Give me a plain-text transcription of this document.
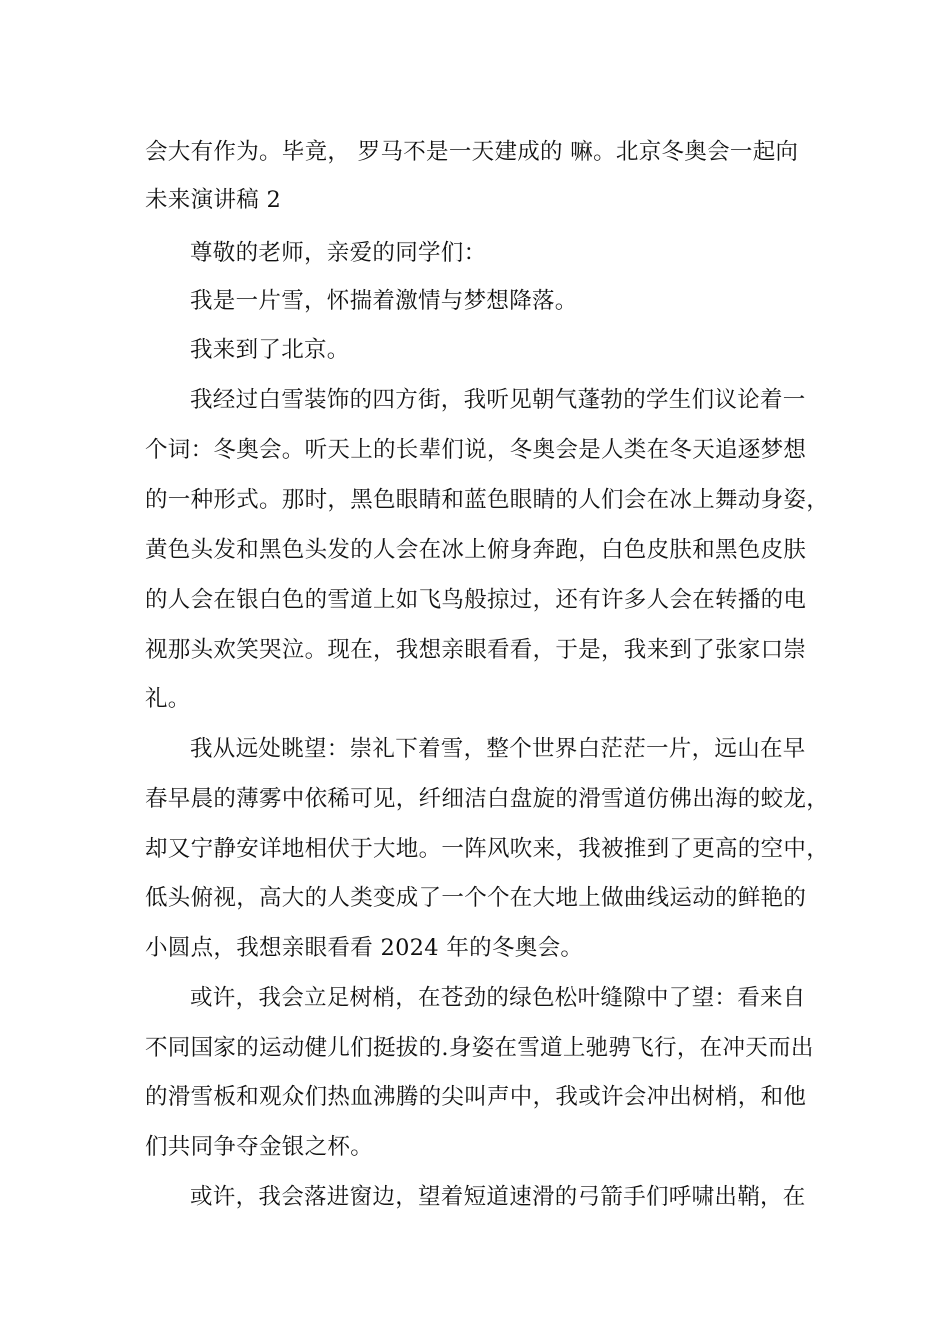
会大有作为。毕竟， 罗马不是一天建成的 嘛。北京冬奥会一起向
未来演讲稿 2
尊敬的老师，亲爱的同学们：
我是一片雪，怀揣着激情与梦想降落。
我来到了北京。
我经过白雪装饰的四方街，我听见朝气蓬勃的学生们议论着一
个词：冬奥会。听天上的长辈们说，冬奥会是人类在冬天追逐梦想
的一种形式。那时，黑色眼睛和蓝色眼睛的人们会在冰上舞动身姿，
黄色头发和黑色头发的人会在冰上俯身奔跑，白色皮肤和黑色皮肤
的人会在银白色的雪道上如飞鸟般掠过，还有许多人会在转播的电
视那头欢笑哭泣。现在，我想亲眼看看，于是，我来到了张家口崇
礼。
我从远处眺望：崇礼下着雪，整个世界白茫茫一片，远山在早
春早晨的薄雾中依稀可见，纤细洁白盘旋的滑雪道仿佛出海的蛟龙，
却又宁静安详地相伏于大地。一阵风吹来，我被推到了更高的空中，
低头俯视，高大的人类变成了一个个在大地上做曲线运动的鲜艳的
小圆点，我想亲眼看看 2024 年的冬奥会。
或许，我会立足树梢，在苍劲的绿色松叶缝隙中了望：看来自
不同国家的运动健儿们挺拔的.身姿在雪道上驰骋飞行，在冲天而出
的滑雪板和观众们热血沸腾的尖叫声中，我或许会冲出树梢，和他
们共同争夺金银之杯。
或许，我会落进窗边，望着短道速滑的弓箭手们呼啸出鞘，在
